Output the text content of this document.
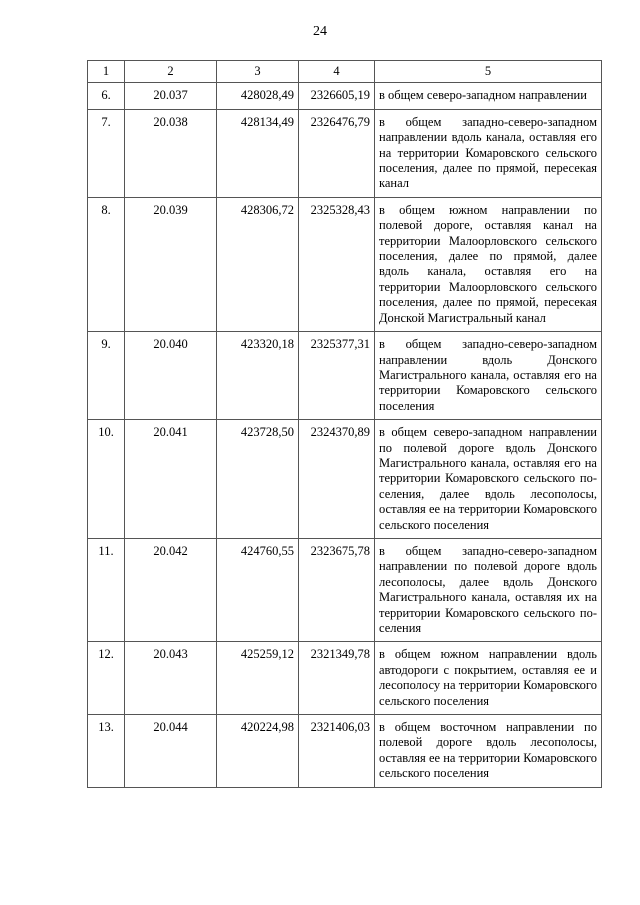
24
1	2	3	4	5
6.	20.037	428028,49	2326605,19	в общем северо-западном направлении
7.	20.038	428134,49	2326476,79	в общем западно-северо-западном направлении вдоль канала, оставляя его на территории Комаровского сельского поселения, далее по прямой, пересекая канал
8.	20.039	428306,72	2325328,43	в общем южном направлении по полевой дороге, оставляя канал на территории Малоорловского сельского поселения, далее по прямой, далее вдоль канала, оставляя его на территории Малоорловского сельского поселения, далее по прямой, пересекая Донской Магистральный канал
9.	20.040	423320,18	2325377,31	в общем западно-северо-западном направлении вдоль Донского Магистрального канала, оставляя его на территории Комаровского сельского поселения
10.	20.041	423728,50	2324370,89	в общем северо-западном направлении по полевой дороге вдоль Донского Магистрального канала, оставляя его на территории Комаровского сельского поселения, далее вдоль лесополосы, оставляя ее на территории Комаровского сельского поселения
11.	20.042	424760,55	2323675,78	в общем западно-северо-западном направлении по полевой дороге вдоль лесополосы, далее вдоль Донского Магистрального канала, оставляя их на территории Комаровского сельского поселения
12.	20.043	425259,12	2321349,78	в общем южном направлении вдоль автодороги с покрытием, оставляя ее и лесополосу на территории Комаровского сельского поселения
13.	20.044	420224,98	2321406,03	в общем восточном направлении по полевой дороге вдоль лесополосы, оставляя ее на территории Комаровского сельского поселения
